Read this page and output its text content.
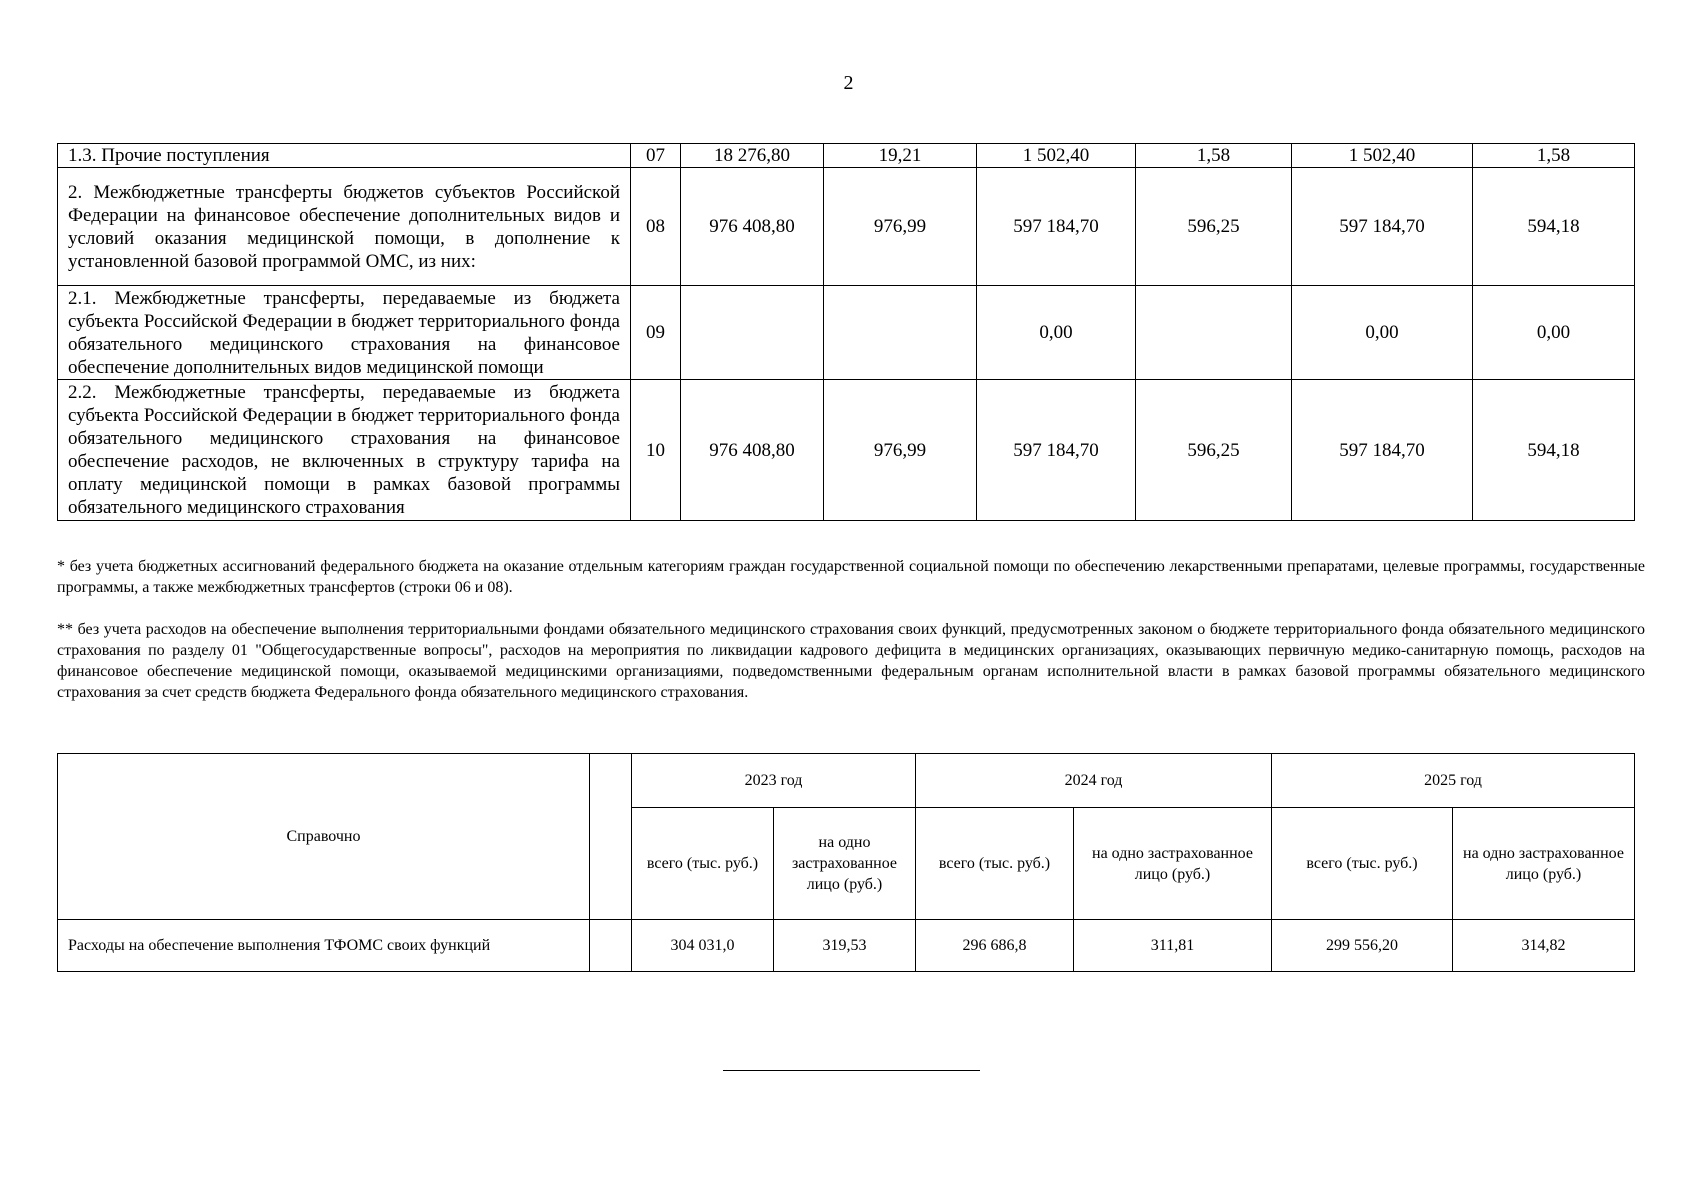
2
1.3. Прочие поступления	07	18 276,80	19,21	1 502,40	1,58	1 502,40	1,58
2. Межбюджетные трансферты бюджетов субъектов Российской Федерации на финансовое обеспечение дополнительных видов и условий оказания медицинской помощи, в дополнение к установленной базовой программой ОМС, из них:	08	976 408,80	976,99	597 184,70	596,25	597 184,70	594,18
2.1. Межбюджетные трансферты, передаваемые из бюджета субъекта Российской Федерации в бюджет территориального фонда обязательного медицинского страхования на финансовое обеспечение дополнительных видов медицинской помощи	09			0,00		0,00	0,00
2.2. Межбюджетные трансферты, передаваемые из бюджета субъекта Российской Федерации в бюджет территориального фонда обязательного медицинского страхования на финансовое обеспечение расходов, не включенных в структуру тарифа на оплату медицинской помощи в рамках базовой программы обязательного медицинского страхования	10	976 408,80	976,99	597 184,70	596,25	597 184,70	594,18
* без учета бюджетных ассигнований федерального бюджета на оказание отдельным категориям граждан государственной социальной помощи по обеспечению лекарственными препаратами, целевые программы, государственные программы, а также межбюджетных трансфертов (строки 06 и 08).
** без учета расходов на обеспечение выполнения территориальными фондами обязательного медицинского страхования своих функций, предусмотренных законом о бюджете территориального фонда обязательного медицинского страхования по разделу 01 "Общегосударственные вопросы", расходов на мероприятия по ликвидации кадрового дефицита в медицинских организациях, оказывающих первичную медико-санитарную помощь, расходов на финансовое обеспечение медицинской помощи, оказываемой медицинскими организациями, подведомственными федеральным органам исполнительной власти в рамках базовой программы обязательного медицинского страхования за счет средств бюджета Федерального фонда обязательного медицинского страхования.
Справочно		2023 год		2024 год		2025 год	
		всего (тыс. руб.)	на одно застрахованное лицо (руб.)	всего (тыс. руб.)	на одно застрахованное лицо (руб.)	всего (тыс. руб.)	на одно застрахованное лицо (руб.)
Расходы на обеспечение выполнения ТФОМС своих функций		304 031,0	319,53	296 686,8	311,81	299 556,20	314,82
